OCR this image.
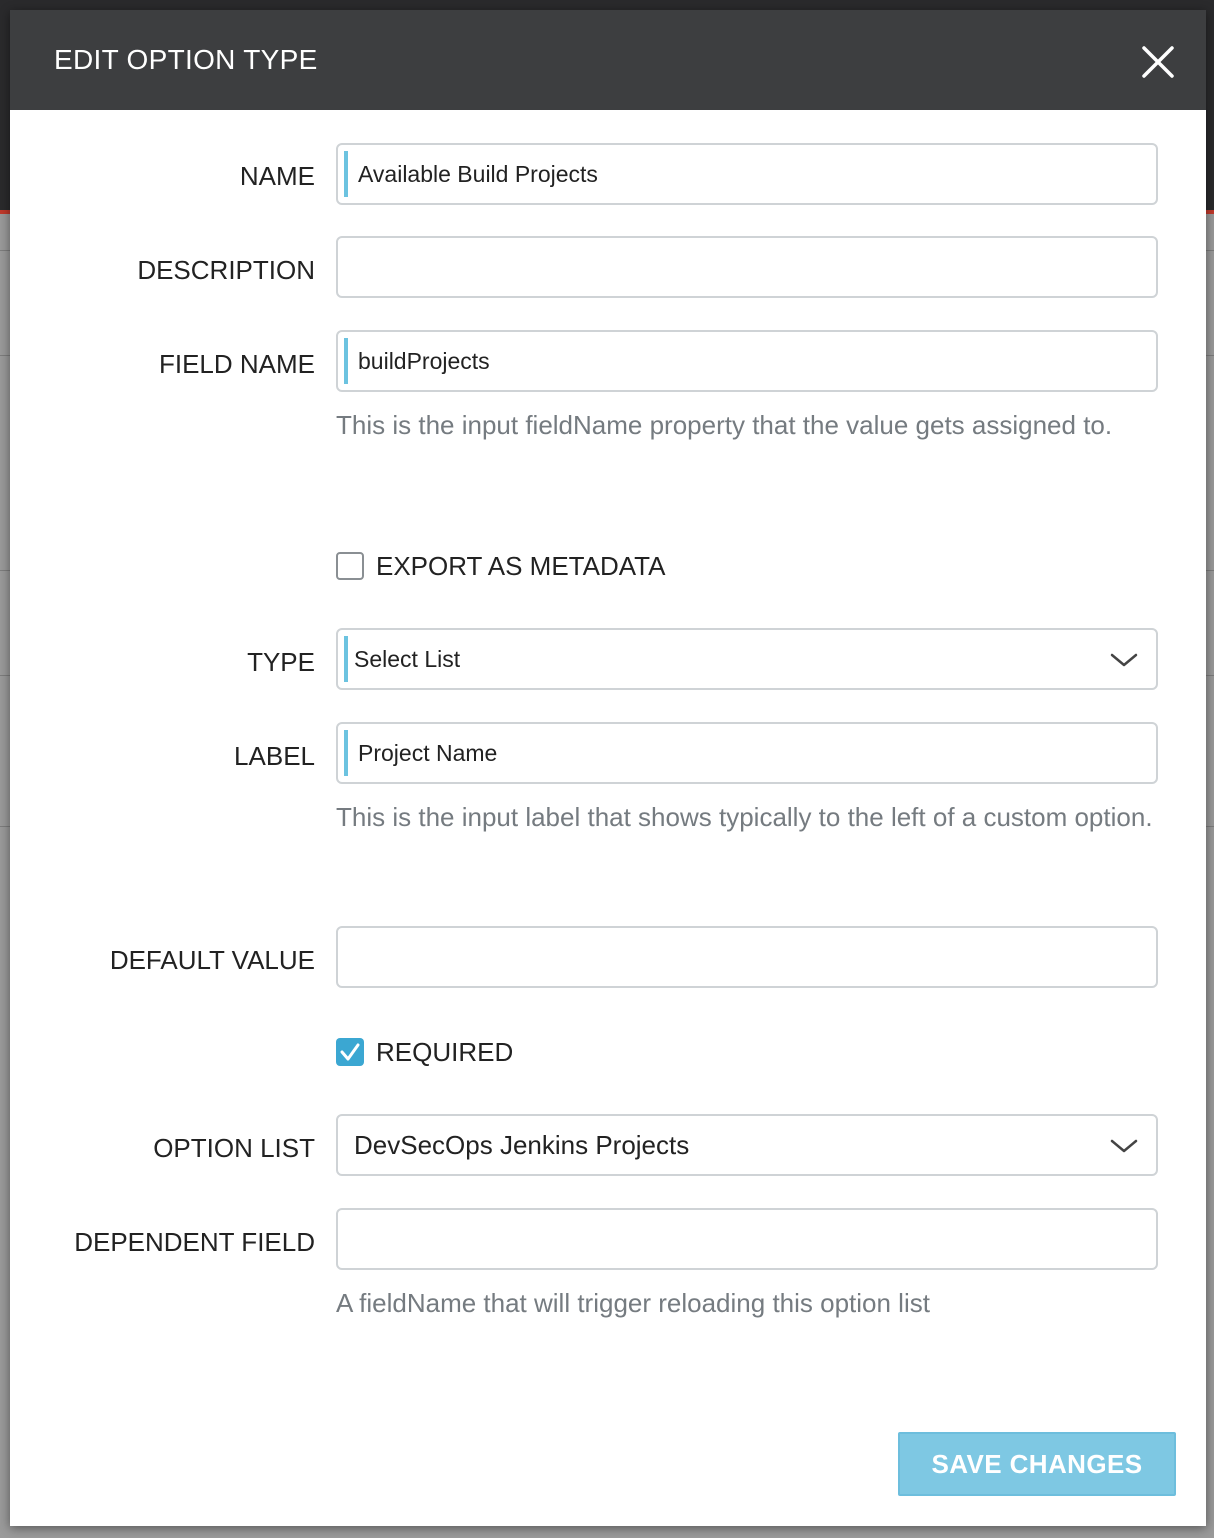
EDIT OPTION TYPE
NAME Available Build Projects
DESCRIPTION
FIELD NAME buildProjects
This is the input fieldName property that the value gets assigned to.
EXPORT AS METADATA
TYPE Select List
LABEL Project Name
This is the input label that shows typically to the left of a custom option.
DEFAULT VALUE
REQUIRED
OPTION LIST DevSecOps Jenkins Projects
DEPENDENT FIELD
A fieldName that will trigger reloading this option list
SAVE CHANGES
